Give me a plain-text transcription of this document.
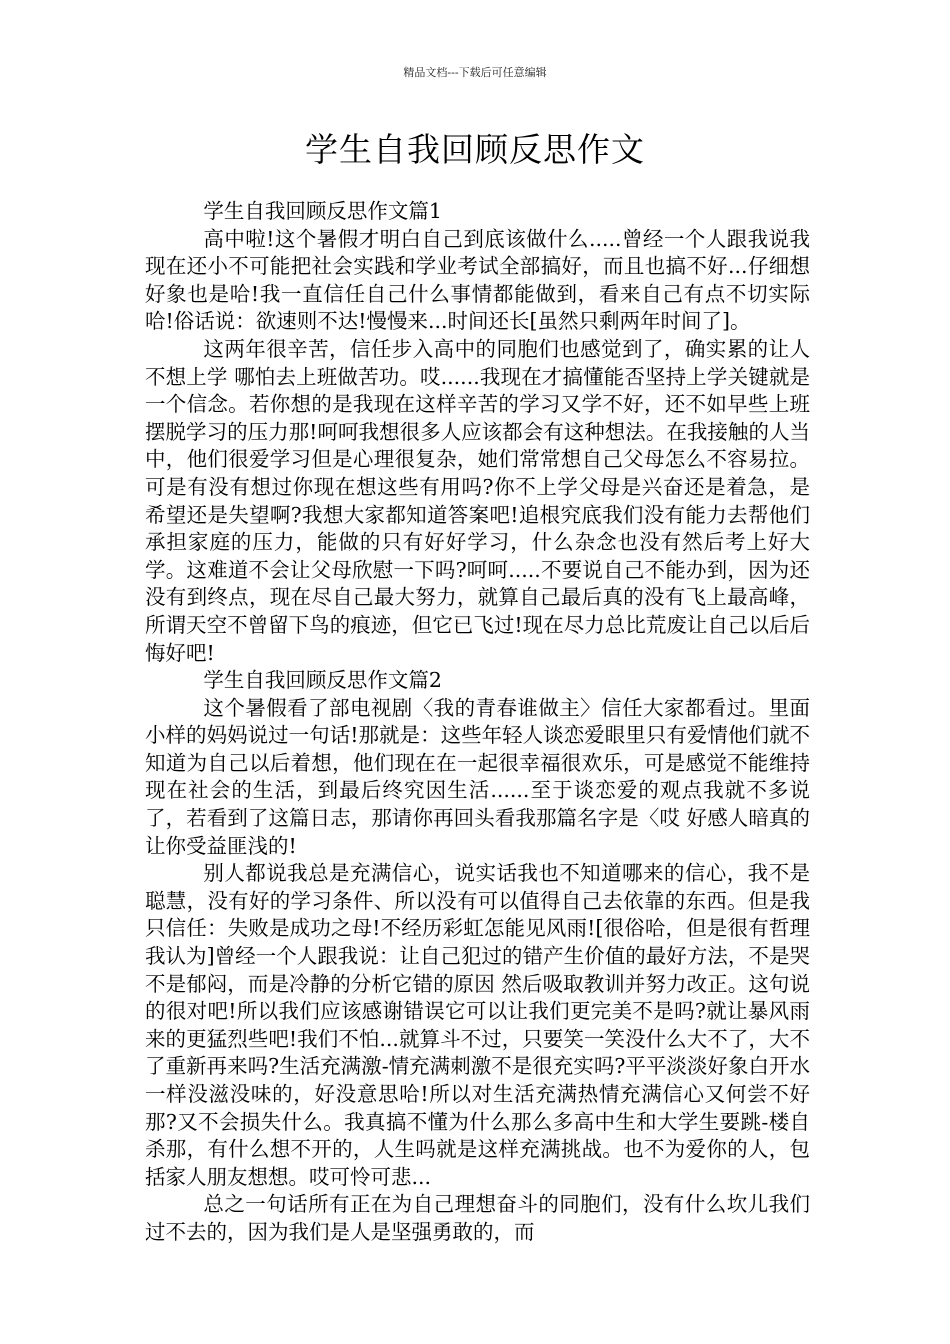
精品文档---下载后可任意编辑
学生自我回顾反思作文

学生自我回顾反思作文篇1

高中啦!这个暑假才明白自己到底该做什么.....曾经一个人跟我说我现在还小不可能把社会实践和学业考试全部搞好，而且也搞不好...仔细想好象也是哈!我一直信任自己什么事情都能做到，看来自己有点不切实际哈!俗话说：欲速则不达!慢慢来...时间还长[虽然只剩两年时间了]。

这两年很辛苦，信任步入高中的同胞们也感觉到了，确实累的让人不想上学 哪怕去上班做苦功。哎......我现在才搞懂能否坚持上学关键就是一个信念。若你想的是我现在这样辛苦的学习又学不好，还不如早些上班摆脱学习的压力那!呵呵我想很多人应该都会有这种想法。在我接触的人当中，他们很爱学习但是心理很复杂，她们常常想自己父母怎么不容易拉。可是有没有想过你现在想这些有用吗?你不上学父母是兴奋还是着急，是希望还是失望啊?我想大家都知道答案吧!追根究底我们没有能力去帮他们承担家庭的压力，能做的只有好好学习，什么杂念也没有然后考上好大学。这难道不会让父母欣慰一下吗?呵呵.....不要说自己不能办到，因为还没有到终点，现在尽自己最大努力，就算自己最后真的没有飞上最高峰，所谓天空不曾留下鸟的痕迹，但它已飞过!现在尽力总比荒废让自己以后后悔好吧!

学生自我回顾反思作文篇2

这个暑假看了部电视剧〈我的青春谁做主〉信任大家都看过。里面小样的妈妈说过一句话!那就是：这些年轻人谈恋爱眼里只有爱情他们就不知道为自己以后着想，他们现在在一起很幸福很欢乐，可是感觉不能维持现在社会的生活，到最后终究因生活......至于谈恋爱的观点我就不多说了，若看到了这篇日志，那请你再回头看我那篇名字是〈哎 好感人暗真的让你受益匪浅的!

别人都说我总是充满信心，说实话我也不知道哪来的信心，我不是聪慧，没有好的学习条件、所以没有可以值得自己去依靠的东西。但是我只信任：失败是成功之母!不经历彩虹怎能见风雨![很俗哈，但是很有哲理我认为]曾经一个人跟我说：让自己犯过的错产生价值的最好方法，不是哭不是郁闷，而是冷静的分析它错的原因 然后吸取教训并努力改正。这句说的很对吧!所以我们应该感谢错误它可以让我们更完美不是吗?就让暴风雨来的更猛烈些吧!我们不怕...就算斗不过，只要笑一笑没什么大不了，大不了重新再来吗?生活充满激-情充满刺激不是很充实吗?平平淡淡好象白开水一样没滋没味的，好没意思哈!所以对生活充满热情充满信心又何尝不好那?又不会损失什么。我真搞不懂为什么那么多高中生和大学生要跳-楼自杀那，有什么想不开的，人生吗就是这样充满挑战。也不为爱你的人，包括家人朋友想想。哎可怜可悲...

总之一句话所有正在为自己理想奋斗的同胞们，没有什么坎儿我们过不去的，因为我们是人是坚强勇敢的，而
